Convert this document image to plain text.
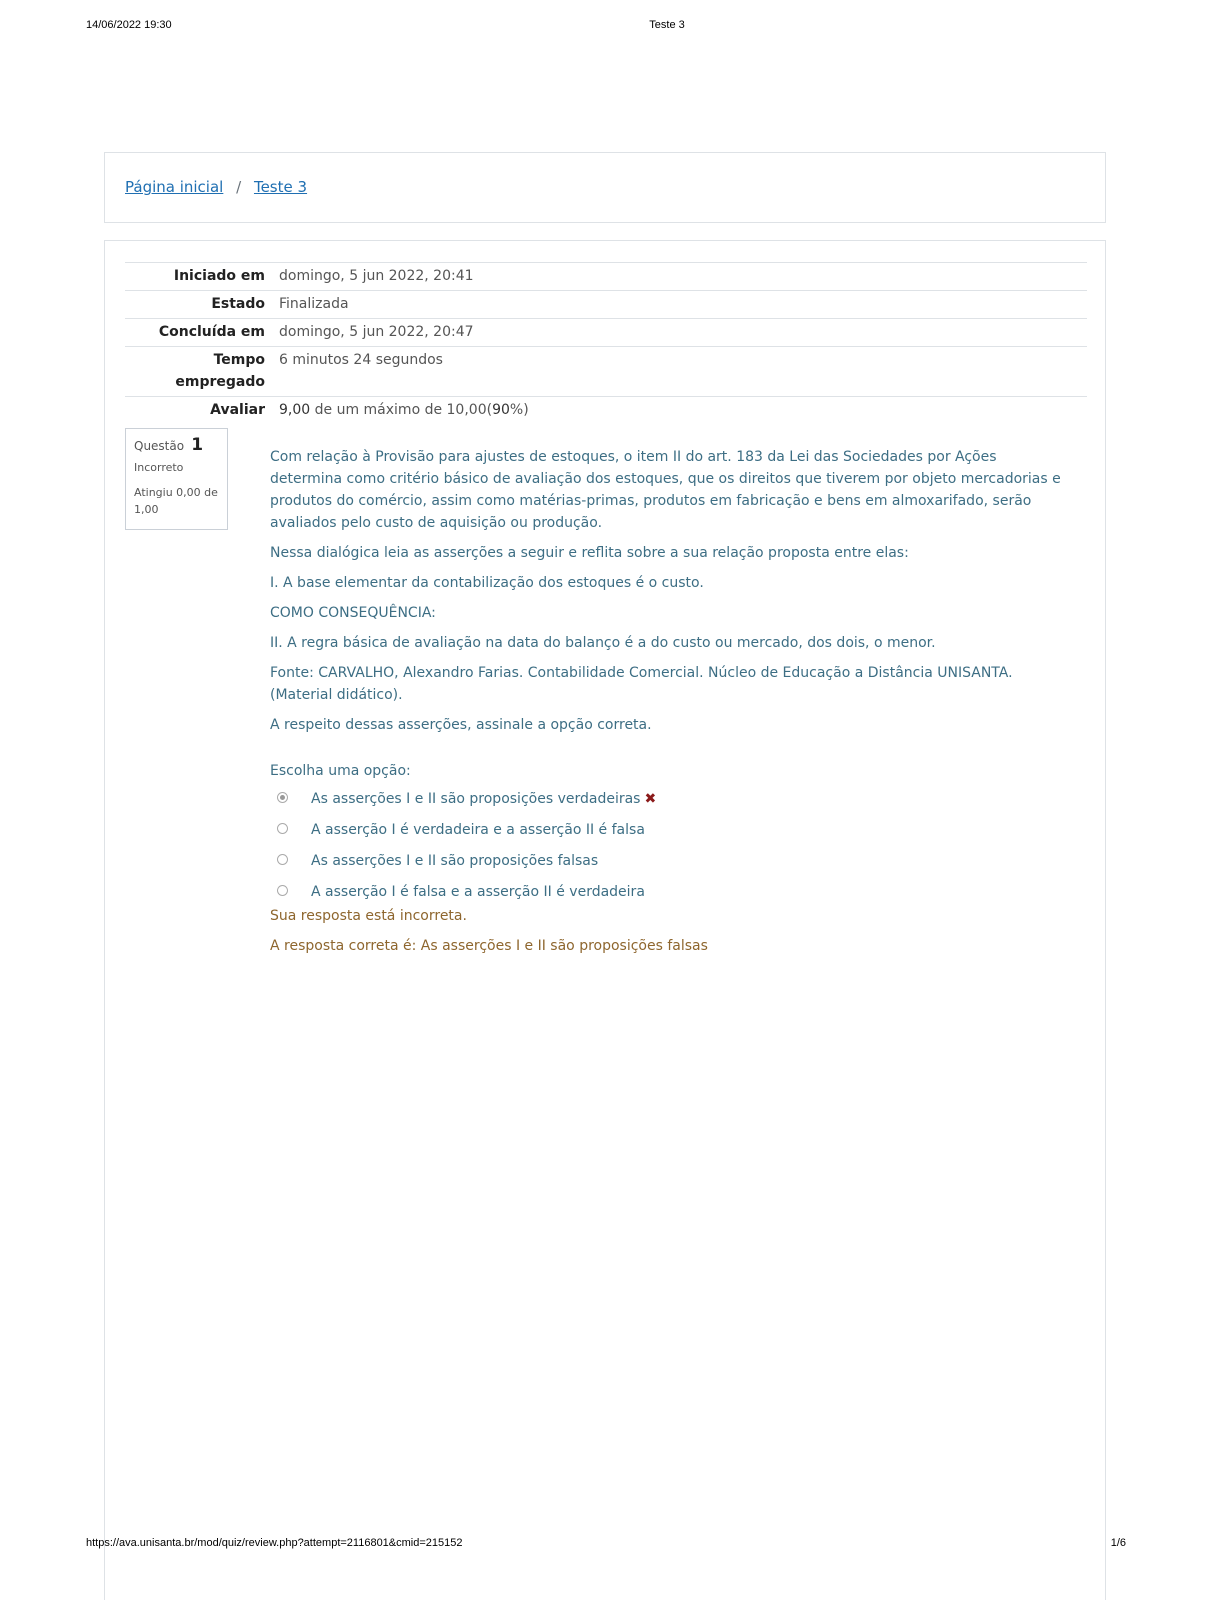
14/06/2022 19:30	Teste 3
Página inicial / Teste 3
Iniciado em	domingo, 5 jun 2022, 20:41
Estado	Finalizada
Concluída em	domingo, 5 jun 2022, 20:47
Tempo empregado	6 minutos 24 segundos
Avaliar	9,00 de um máximo de 10,00(90%)
Questão 1
Incorreto
Atingiu 0,00 de 1,00

Com relação à Provisão para ajustes de estoques, o item II do art. 183 da Lei das Sociedades por Ações determina como critério básico de avaliação dos estoques, que os direitos que tiverem por objeto mercadorias e produtos do comércio, assim como matérias-primas, produtos em fabricação e bens em almoxarifado, serão avaliados pelo custo de aquisição ou produção.

Nessa dialógica leia as asserções a seguir e reflita sobre a sua relação proposta entre elas:

I. A base elementar da contabilização dos estoques é o custo.

COMO CONSEQUÊNCIA:

II. A regra básica de avaliação na data do balanço é a do custo ou mercado, dos dois, o menor.

Fonte: CARVALHO, Alexandro Farias. Contabilidade Comercial. Núcleo de Educação a Distância UNISANTA. (Material didático).

A respeito dessas asserções, assinale a opção correta.

Escolha uma opção:
As asserções I e II são proposições verdadeiras ✖
A asserção I é verdadeira e a asserção II é falsa
As asserções I e II são proposições falsas
A asserção I é falsa e a asserção II é verdadeira

Sua resposta está incorreta.

A resposta correta é: As asserções I e II são proposições falsas

https://ava.unisanta.br/mod/quiz/review.php?attempt=2116801&cmid=215152	1/6
